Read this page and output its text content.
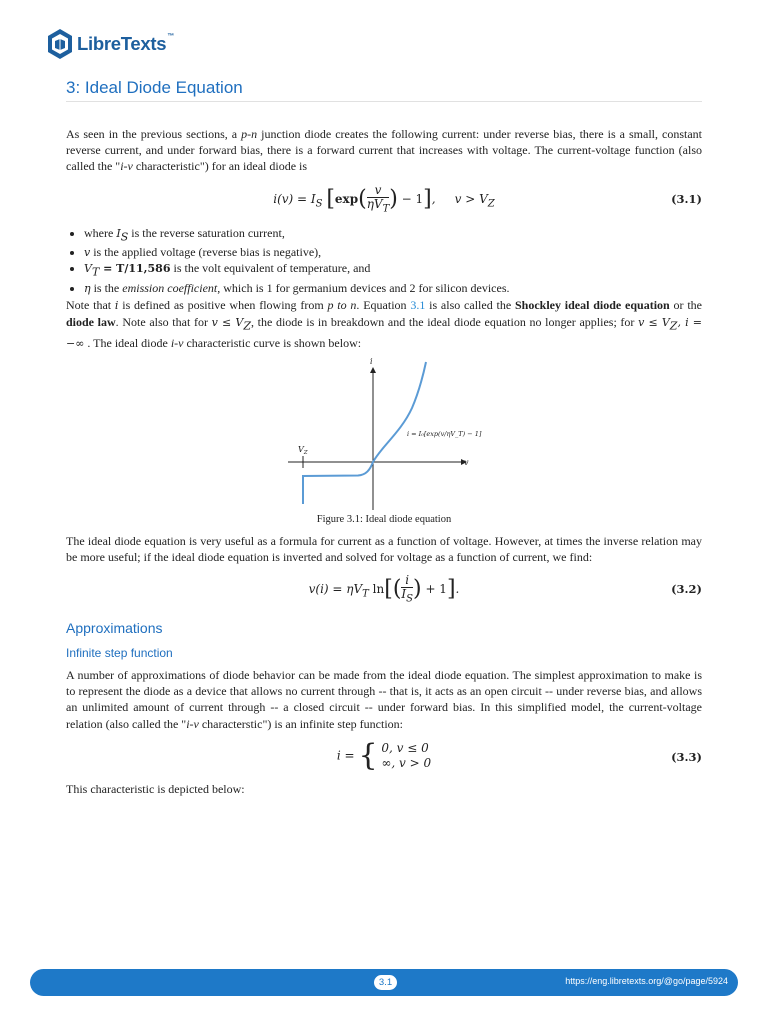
LibreTexts™
3: Ideal Diode Equation

As seen in the previous sections, a p-n junction diode creates the following current: under reverse bias, there is a small, constant reverse current, and under forward bias, there is a forward current that increases with voltage. The current-voltage function (also called the "i-v characteristic") for an ideal diode is

$i(v) = I_S$ [$\exp( \frac{v}{\eta V_T}$ ) − 1],     $v > V_Z$	(3.1)
where $I_S$ is the reverse saturation current,
v is the applied voltage (reverse bias is negative),
$V_T = T/11,586$ is the volt equivalent of temperature, and
η is the emission coefficient, which is 1 for germanium devices and 2 for silicon devices.

Note that i is defined as positive when flowing from p to n. Equation 3.1 is also called the Shockley ideal diode equation or the diode law. Note also that for $v \le V_Z$, the diode is in breakdown and the ideal diode equation no longer applies; for $v \le V_Z$, i = −∞ . The ideal diode i-v characteristic curve is shown below:

i
v
$V_Z$
i = I₀[exp(v/ηV_T) − 1]
Figure 3.1: Ideal diode equation

The ideal diode equation is very useful as a formula for current as a function of voltage. However, at times the inverse relation may be more useful; if the ideal diode equation is inverted and solved for voltage as a function of current, we find:

$v(i) = \eta V_T$ $\ln[( \frac{i}{I_S}$ ) + 1].	(3.2)
Approximations
Infinite step function

A number of approximations of diode behavior can be made from the ideal diode equation. The simplest approximation to make is to represent the diode as a device that allows no current through -- that is, it acts as an open circuit -- under reverse bias, and allows an unlimited amount of current through -- a closed circuit -- under forward bias. In this simplified model, the current-voltage relation (also called the "i-v characterstic") is an infinite step function:

i = { 0, v ≤ 0
∞, v > 0	(3.3)

This characteristic is depicted below:

3.1	https://eng.libretexts.org/@go/page/5924
